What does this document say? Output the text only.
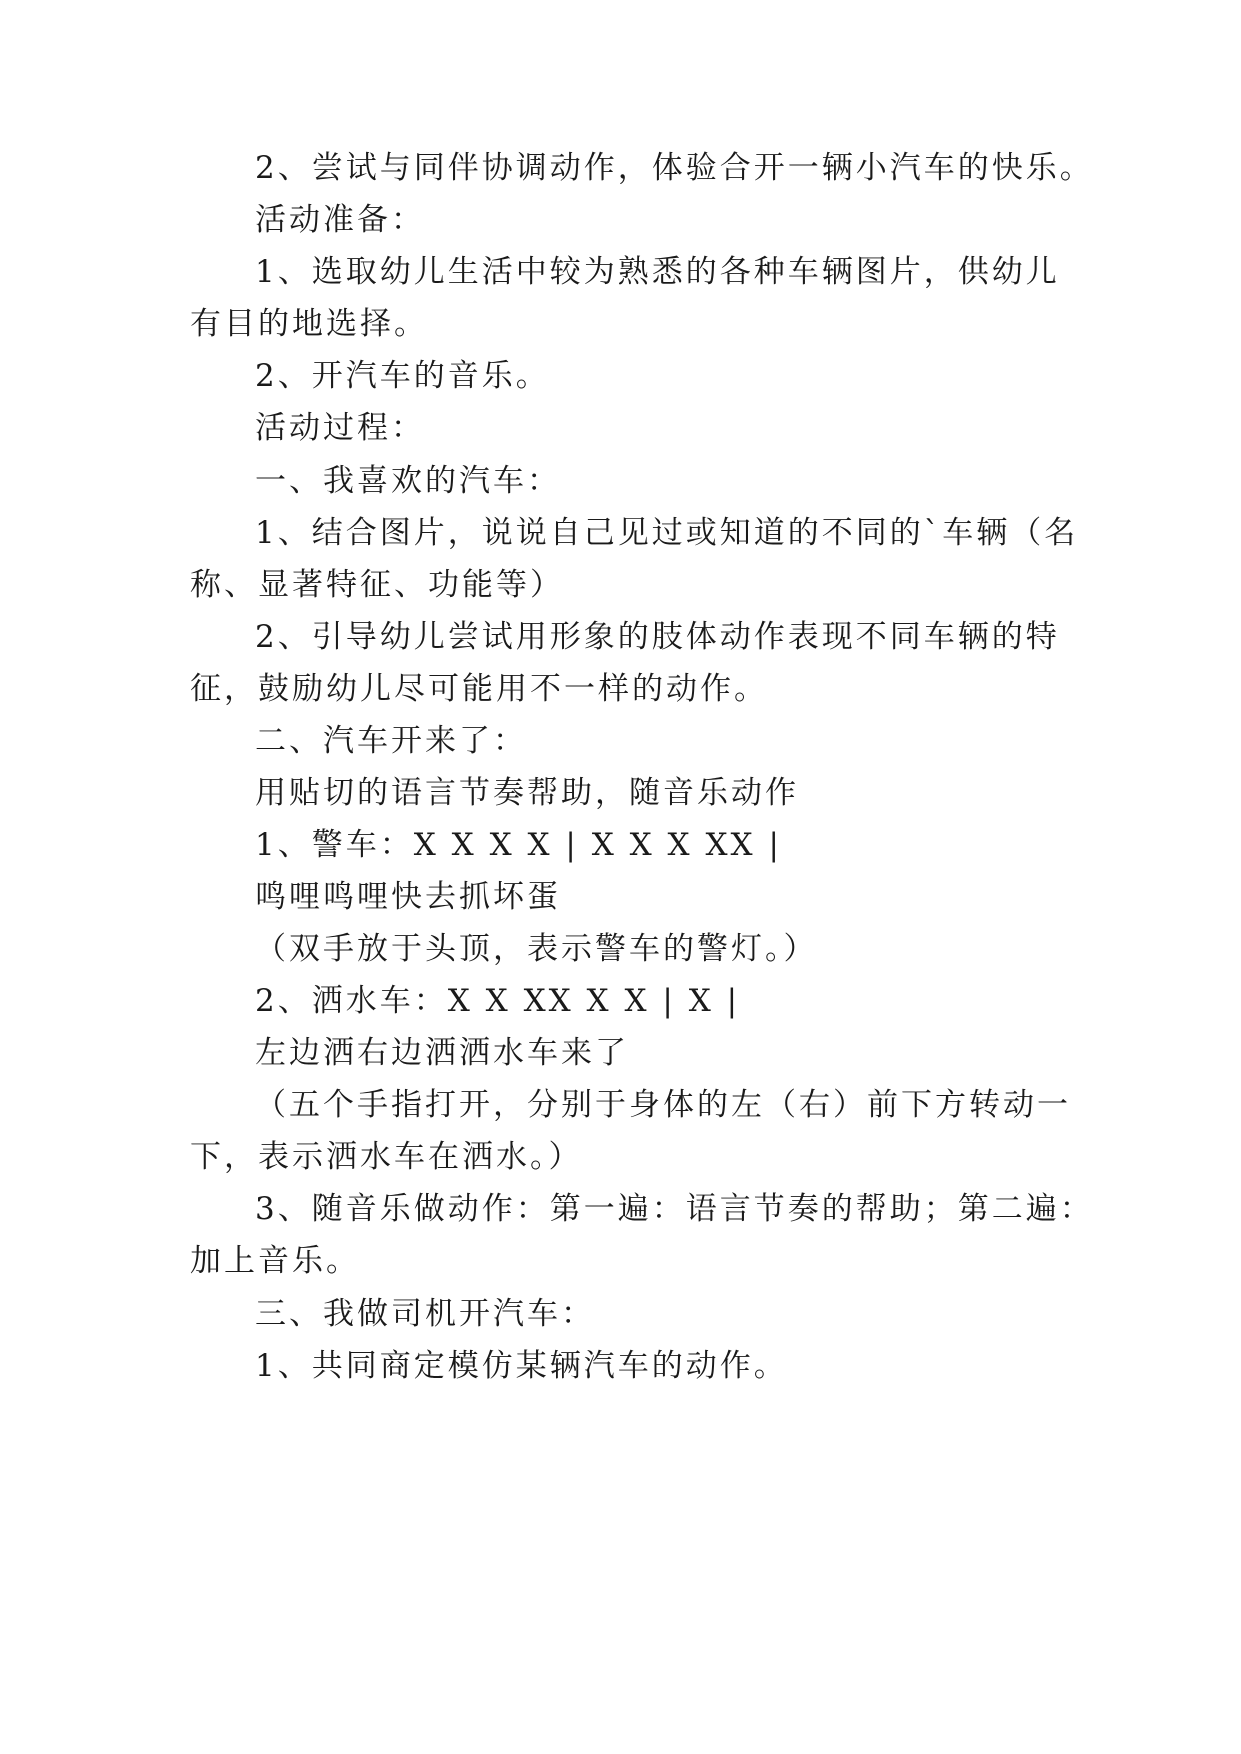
2、尝试与同伴协调动作，体验合开一辆小汽车的快乐。
活动准备：
1、选取幼儿生活中较为熟悉的各种车辆图片，供幼儿
有目的地选择。
2、开汽车的音乐。
活动过程：
一、我喜欢的汽车：
1、结合图片，说说自己见过或知道的不同的`车辆（名
称、显著特征、功能等）
2、引导幼儿尝试用形象的肢体动作表现不同车辆的特
征，鼓励幼儿尽可能用不一样的动作。
二、汽车开来了：
用贴切的语言节奏帮助，随音乐动作
1、警车：X X X X | X X X XX |
鸣哩鸣哩快去抓坏蛋
（双手放于头顶，表示警车的警灯。）
2、洒水车：X X XX X X | X |
左边洒右边洒洒水车来了
（五个手指打开，分别于身体的左（右）前下方转动一
下，表示洒水车在洒水。）
3、随音乐做动作：第一遍：语言节奏的帮助；第二遍：
加上音乐。
三、我做司机开汽车：
1、共同商定模仿某辆汽车的动作。
